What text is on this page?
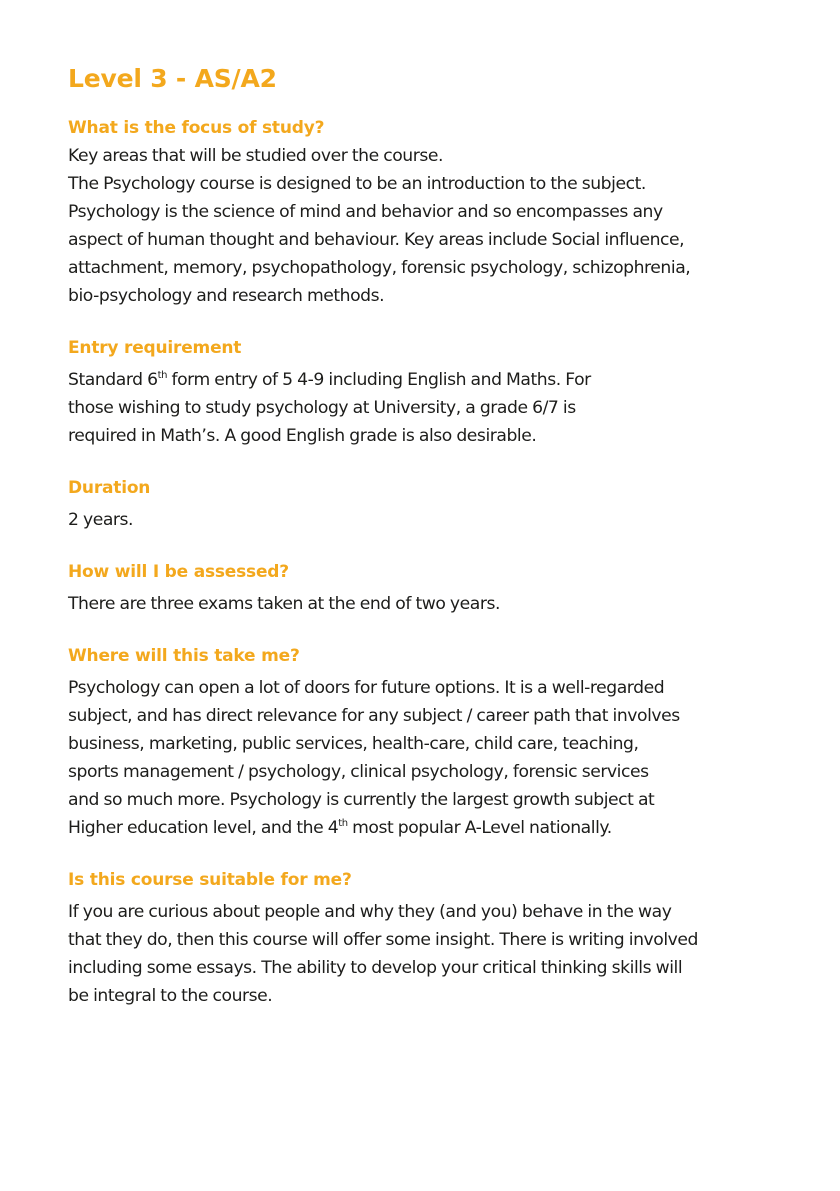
Level 3 - AS/A2
What is the focus of study?

Key areas that will be studied over the course.
The Psychology course is designed to be an introduction to the subject.
Psychology is the science of mind and behavior and so encompasses any
aspect of human thought and behaviour. Key areas include Social influence,
attachment, memory, psychopathology, forensic psychology, schizophrenia,
bio-psychology and research methods.

Entry requirement

Standard 6th form entry of 5 4-9 including English and Maths. For
those wishing to study psychology at University, a grade 6/7 is
required in Math’s. A good English grade is also desirable.

Duration

2 years.

How will I be assessed?

There are three exams taken at the end of two years.

Where will this take me?

Psychology can open a lot of doors for future options. It is a well-regarded
subject, and has direct relevance for any subject / career path that involves
business, marketing, public services, health-care, child care, teaching,
sports management / psychology, clinical psychology, forensic services
and so much more. Psychology is currently the largest growth subject at
Higher education level, and the 4th most popular A-Level nationally.

Is this course suitable for me?

If you are curious about people and why they (and you) behave in the way
that they do, then this course will offer some insight. There is writing involved
including some essays. The ability to develop your critical thinking skills will
be integral to the course.
